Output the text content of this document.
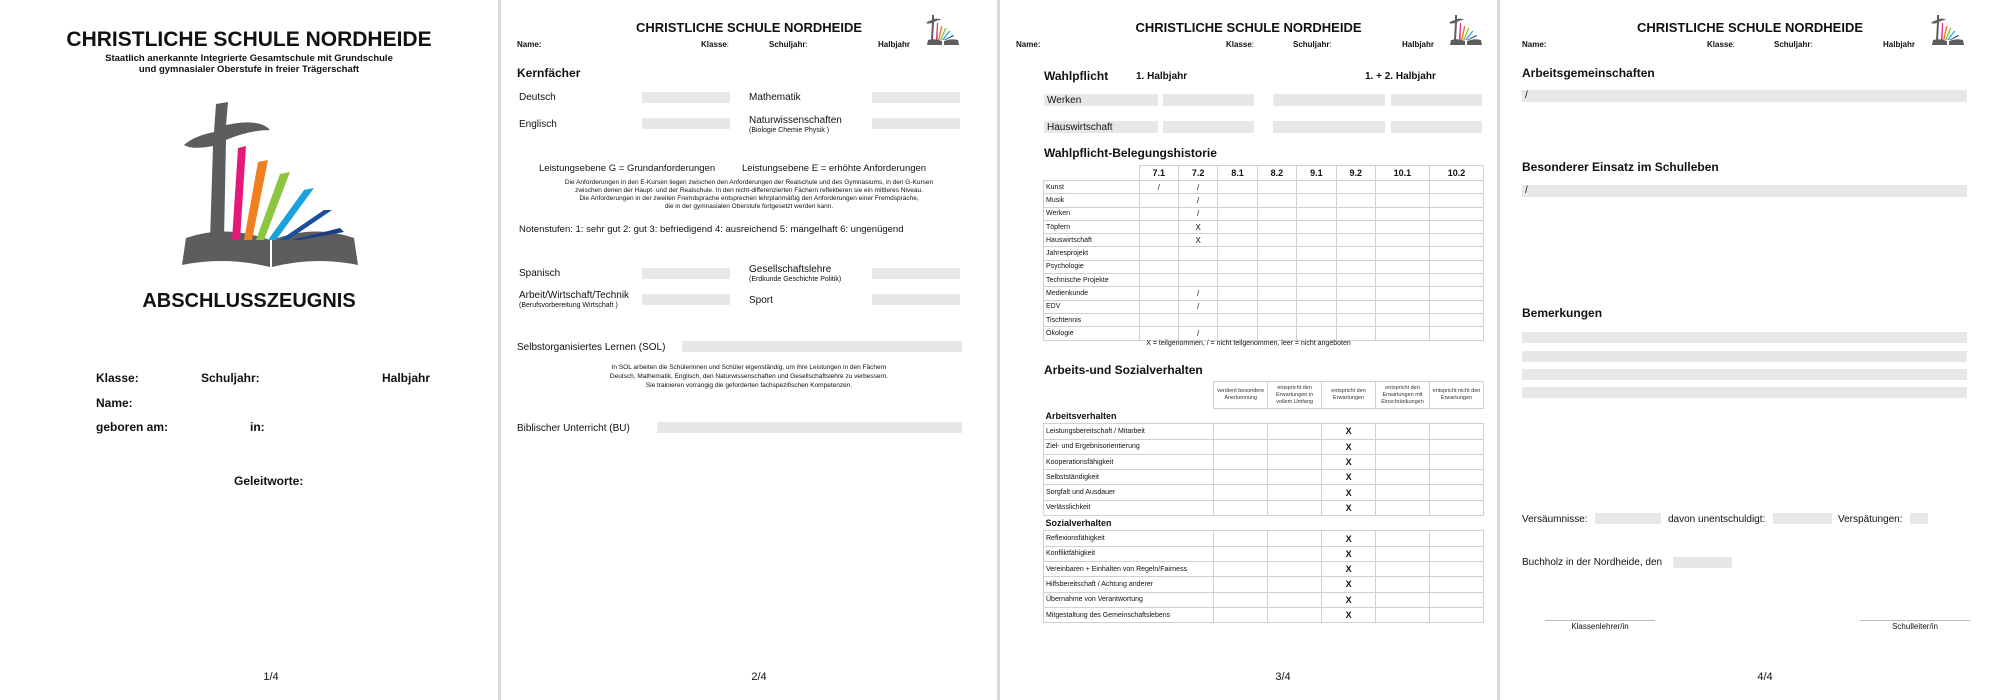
CHRISTLICHE SCHULE NORDHEIDE
Staatlich anerkannte Integrierte Gesamtschule mit Grundschule
und gymnasialer Oberstufe in freier Trägerschaft
ABSCHLUSSZEUGNIS
Klasse:	Schuljahr:	Halbjahr
Name:
geboren am:	in:
Geleitworte:
1/4
CHRISTLICHE SCHULE NORDHEIDE
Name:	Klasse:	Schuljahr:	Halbjahr
Kernfächer
Deutsch	Mathematik
Englisch	Naturwissenschaften
(Biologie Chemie Physik )
Leistungsebene G = Grundanforderungen	Leistungsebene E = erhöhte Anforderungen
Die Anforderungen in den E-Kursen liegen zwischen den Anforderungen der Realschule und des Gymnasiums, in den G-Kursen
zwischen denen der Haupt- und der Realschule. In den nicht-differenzierten Fächern reflektieren sie ein mittleres Niveau.
Die Anforderungen in der zweiten Fremdsprache entsprechen lehrplanmäßig den Anforderungen einer Fremdsprache,
die in der gymnasialen Oberstufe fortgesetzt werden kann.
Notenstufen: 1: sehr gut 2: gut 3: befriedigend 4: ausreichend 5: mangelhaft 6: ungenügend
Spanisch	Gesellschaftslehre
(Erdkunde Geschichte Politik)
Arbeit/Wirtschaft/Technik
(Berufsvorbereitung Wirtschaft )	Sport
Selbstorganisiertes Lernen (SOL)
In SOL arbeiten die Schülerinnen und Schüler eigenständig, um ihre Leistungen in den Fächern
Deutsch, Mathematik, Englisch, den Naturwissenschaften und Gesellschaftslehre zu verbessern.
Sie trainieren vorrangig die geforderten fachspezifischen Kompetenzen.
Biblischer Unterricht (BU)
2/4
CHRISTLICHE SCHULE NORDHEIDE
Name:	Klasse:	Schuljahr:	Halbjahr
Wahlpflicht	1. Halbjahr	1. + 2. Halbjahr
Werken
Hauswirtschaft
Wahlpflicht-Belegungshistorie
	7.1	7.2	8.1	8.2	9.1	9.2	10.1	10.2
Kunst	/	/						
Musik		/						
Werken		/						
Töpfern		X						
Hauswirtschaft		X						
Jahresprojekt								
Psychologie								
Technische Projekte								
Medienkunde		/						
EDV		/						
Tischtennis								
Ökologie		/						
X = teilgenommen, / = nicht teilgenommen, leer = nicht angeboten
Arbeits-und Sozialverhalten
	verdient besondere Anerkennung	entspricht den Erwartungen in vollem Umfang	entspricht den Erwartungen	entspricht den Erwartungen mit Einschränkungen	entspricht nicht den Erwartungen
Arbeitsverhalten					
Leistungsbereitschaft / Mitarbeit			X		
Ziel- und Ergebnisorientierung			X		
Kooperationsfähigkeit			X		
Selbstständigkeit			X		
Sorgfalt und Ausdauer			X		
Verlässlichkeit			X		
Sozialverhalten					
Reflexionsfähigkeit			X		
Konfliktfähigkeit			X		
Vereinbaren + Einhalten von Regeln/Fairness			X		
Hilfsbereitschaft / Achtung anderer			X		
Übernahme von Verantwortung			X		
Mitgestaltung des Gemeinschaftslebens			X		
3/4
CHRISTLICHE SCHULE NORDHEIDE
Name:	Klasse:	Schuljahr:	Halbjahr
Arbeitsgemeinschaften
/
Besonderer Einsatz im Schulleben
/
Bemerkungen
Versäumnisse:	davon unentschuldigt:	Verspätungen:
Buchholz in der Nordheide, den
Klassenlehrer/in	Schulleiter/in
4/4
